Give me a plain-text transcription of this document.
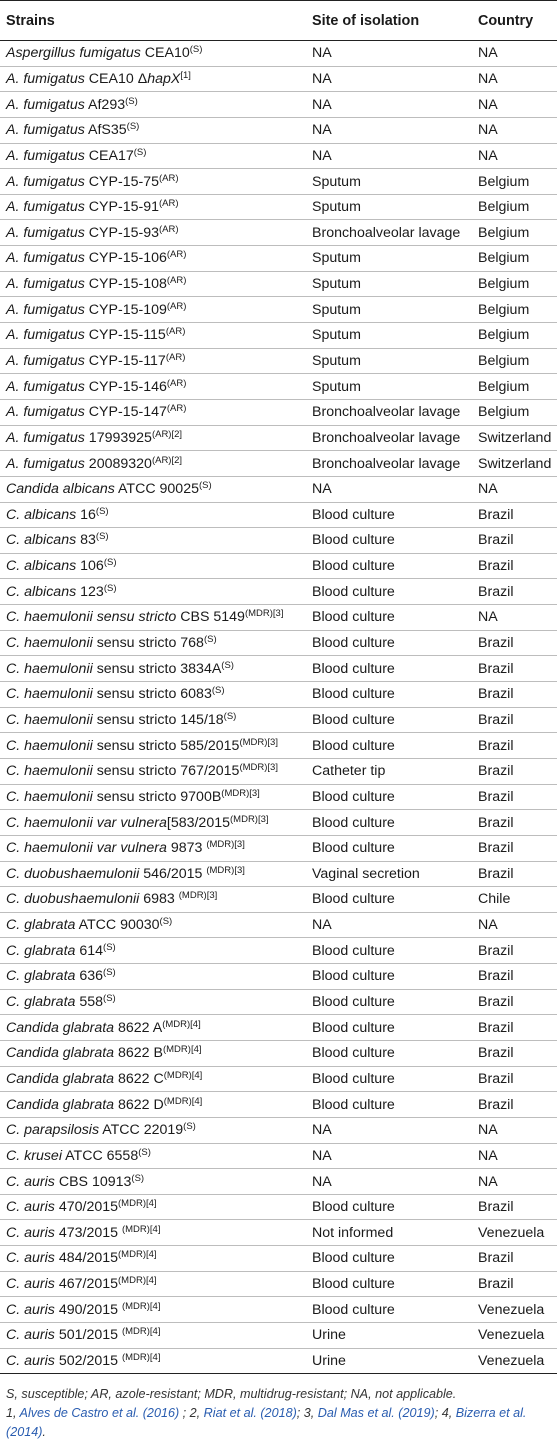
Strains	Site of isolation	Country
Aspergillus fumigatus $CEA10^{(S)}$	NA	NA
A. fumigatus CEA10 ΔhapX[1]	NA	NA
A. fumigatus $Af293^{(S)}$	NA	NA
A. fumigatus $AfS35^{(S)}$	NA	NA
A. fumigatus $CEA17^{(S)}$	NA	NA
A. fumigatus CYP-$15-75^{(AR)}$	Sputum	Belgium
A. fumigatus CYP-$15-91^{(AR)}$	Sputum	Belgium
A. fumigatus CYP-$15-93^{(AR)}$	Bronchoalveolar lavage	Belgium
A. fumigatus CYP-$15-106^{(AR)}$	Sputum	Belgium
A. fumigatus CYP-$15-108^{(AR)}$	Sputum	Belgium
A. fumigatus CYP-$15-109^{(AR)}$	Sputum	Belgium
A. fumigatus CYP-$15-115^{(AR)}$	Sputum	Belgium
A. fumigatus CYP-$15-117^{(AR)}$	Sputum	Belgium
A. fumigatus CYP-$15-146^{(AR)}$	Sputum	Belgium
A. fumigatus CYP-$15-147^{(AR)}$	Bronchoalveolar lavage	Belgium
A. fumigatus $17993925^{(AR)[2]}$	Bronchoalveolar lavage	Switzerland
A. fumigatus $20089320^{(AR)[2]}$	Bronchoalveolar lavage	Switzerland
Candida albicans ATCC $90025^{(S)}$	NA	NA
C. albicans $16^{(S)}$	Blood culture	Brazil
C. albicans $83^{(S)}$	Blood culture	Brazil
C. albicans $106^{(S)}$	Blood culture	Brazil
C. albicans $123^{(S)}$	Blood culture	Brazil
C. haemulonii sensu stricto CBS $5149^{(MDR)[3]}$	Blood culture	NA
C. haemulonii sensu stricto $768^{(S)}$	Blood culture	Brazil
C. haemulonii sensu stricto $3834A^{(S)}$	Blood culture	Brazil
C. haemulonii sensu stricto $6083^{(S)}$	Blood culture	Brazil
C. haemulonii sensu stricto $145/18^{(S)}$	Blood culture	Brazil
C. haemulonii sensu stricto $585/2015^{(MDR)[3]}$	Blood culture	Brazil
C. haemulonii sensu stricto $767/2015^{(MDR)[3]}$	Catheter tip	Brazil
C. haemulonii sensu stricto $9700B^{(MDR)[3]}$	Blood culture	Brazil
C. haemulonii var $vulnera[583/2015^{(MDR)[3]}$	Blood culture	Brazil
C. haemulonii var vulnera 9873 $^{(MDR)[3]}$	Blood culture	Brazil
C. duobushaemulonii 546/2015 $^{(MDR)[3]}$	Vaginal secretion	Brazil
C. duobushaemulonii 6983 $^{(MDR)[3]}$	Blood culture	Chile
C. glabrata ATCC $90030^{(S)}$	NA	NA
C. glabrata $614^{(S)}$	Blood culture	Brazil
C. glabrata $636^{(S)}$	Blood culture	Brazil
C. glabrata $558^{(S)}$	Blood culture	Brazil
Candida glabrata 8622 $A^{(MDR)[4]}$	Blood culture	Brazil
Candida glabrata 8622 $B^{(MDR)[4]}$	Blood culture	Brazil
Candida glabrata 8622 $C^{(MDR)[4]}$	Blood culture	Brazil
Candida glabrata 8622 $D^{(MDR)[4]}$	Blood culture	Brazil
C. parapsilosis ATCC $22019^{(S)}$	NA	NA
C. krusei ATCC $6558^{(S)}$	NA	NA
C. auris CBS $10913^{(S)}$	NA	NA
C. auris $470/2015^{(MDR)[4]}$	Blood culture	Brazil
C. auris 473/2015 $^{(MDR)[4]}$	Not informed	Venezuela
C. auris $484/2015^{(MDR)[4]}$	Blood culture	Brazil
C. auris $467/2015^{(MDR)[4]}$	Blood culture	Brazil
C. auris 490/2015 $^{(MDR)[4]}$	Blood culture	Venezuela
C. auris 501/2015 $^{(MDR)[4]}$	Urine	Venezuela
C. auris 502/2015 $^{(MDR)[4]}$	Urine	Venezuela
S, susceptible; AR, azole-resistant; MDR, multidrug-resistant; NA, not applicable.
1, Alves de Castro et al. (2016) ; 2, Riat et al. (2018); 3, Dal Mas et al. (2019); 4, Bizerra et al. (2014).
